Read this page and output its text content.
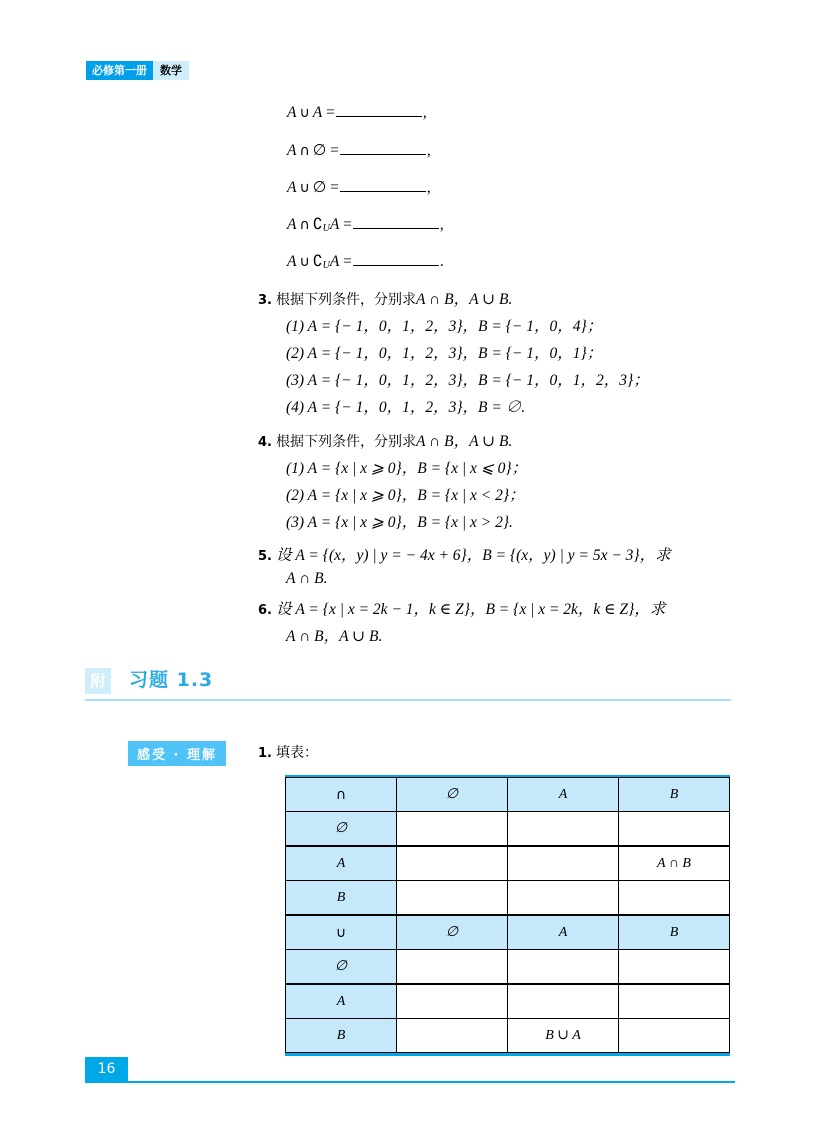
必修第一册	数学
A ∪ A =	,
A ∩ ∅ =	,
A ∪ ∅ =	,
A ∩ ∁UA =	,
A ∪ ∁UA =	.
3. 根据下列条件，分别求A ∩ B，A ∪ B.
(1) A = {− 1，0，1，2，3}，B = {− 1，0，4}；
(2) A = {− 1，0，1，2，3}，B = {− 1，0，1}；
(3) A = {− 1，0，1，2，3}，B = {− 1，0，1，2，3}；
(4) A = {− 1，0，1，2，3}，B = ∅.
4. 根据下列条件，分别求A ∩ B，A ∪ B.
(1) A = {x | x ⩾ 0}，B = {x | x ⩽ 0}；
(2) A = {x | x ⩾ 0}，B = {x | x < 2}；
(3) A = {x | x ⩾ 0}，B = {x | x > 2}.
5. 设 A = {(x，y) | y = − 4x + 6}，B = {(x，y) | y = 5x − 3}，求
A ∩ B.
6. 设 A = {x | x = 2k − 1，k ∈ Z}，B = {x | x = 2k，k ∈ Z}，求
A ∩ B，A ∪ B.
附 习题 1.3
感受 · 理解	1. 填表：
∩	∅	A	B
∅			
A			A ∩ B
B			
∪	∅	A	B
∅			
A			
B		B ∪ A	
16
